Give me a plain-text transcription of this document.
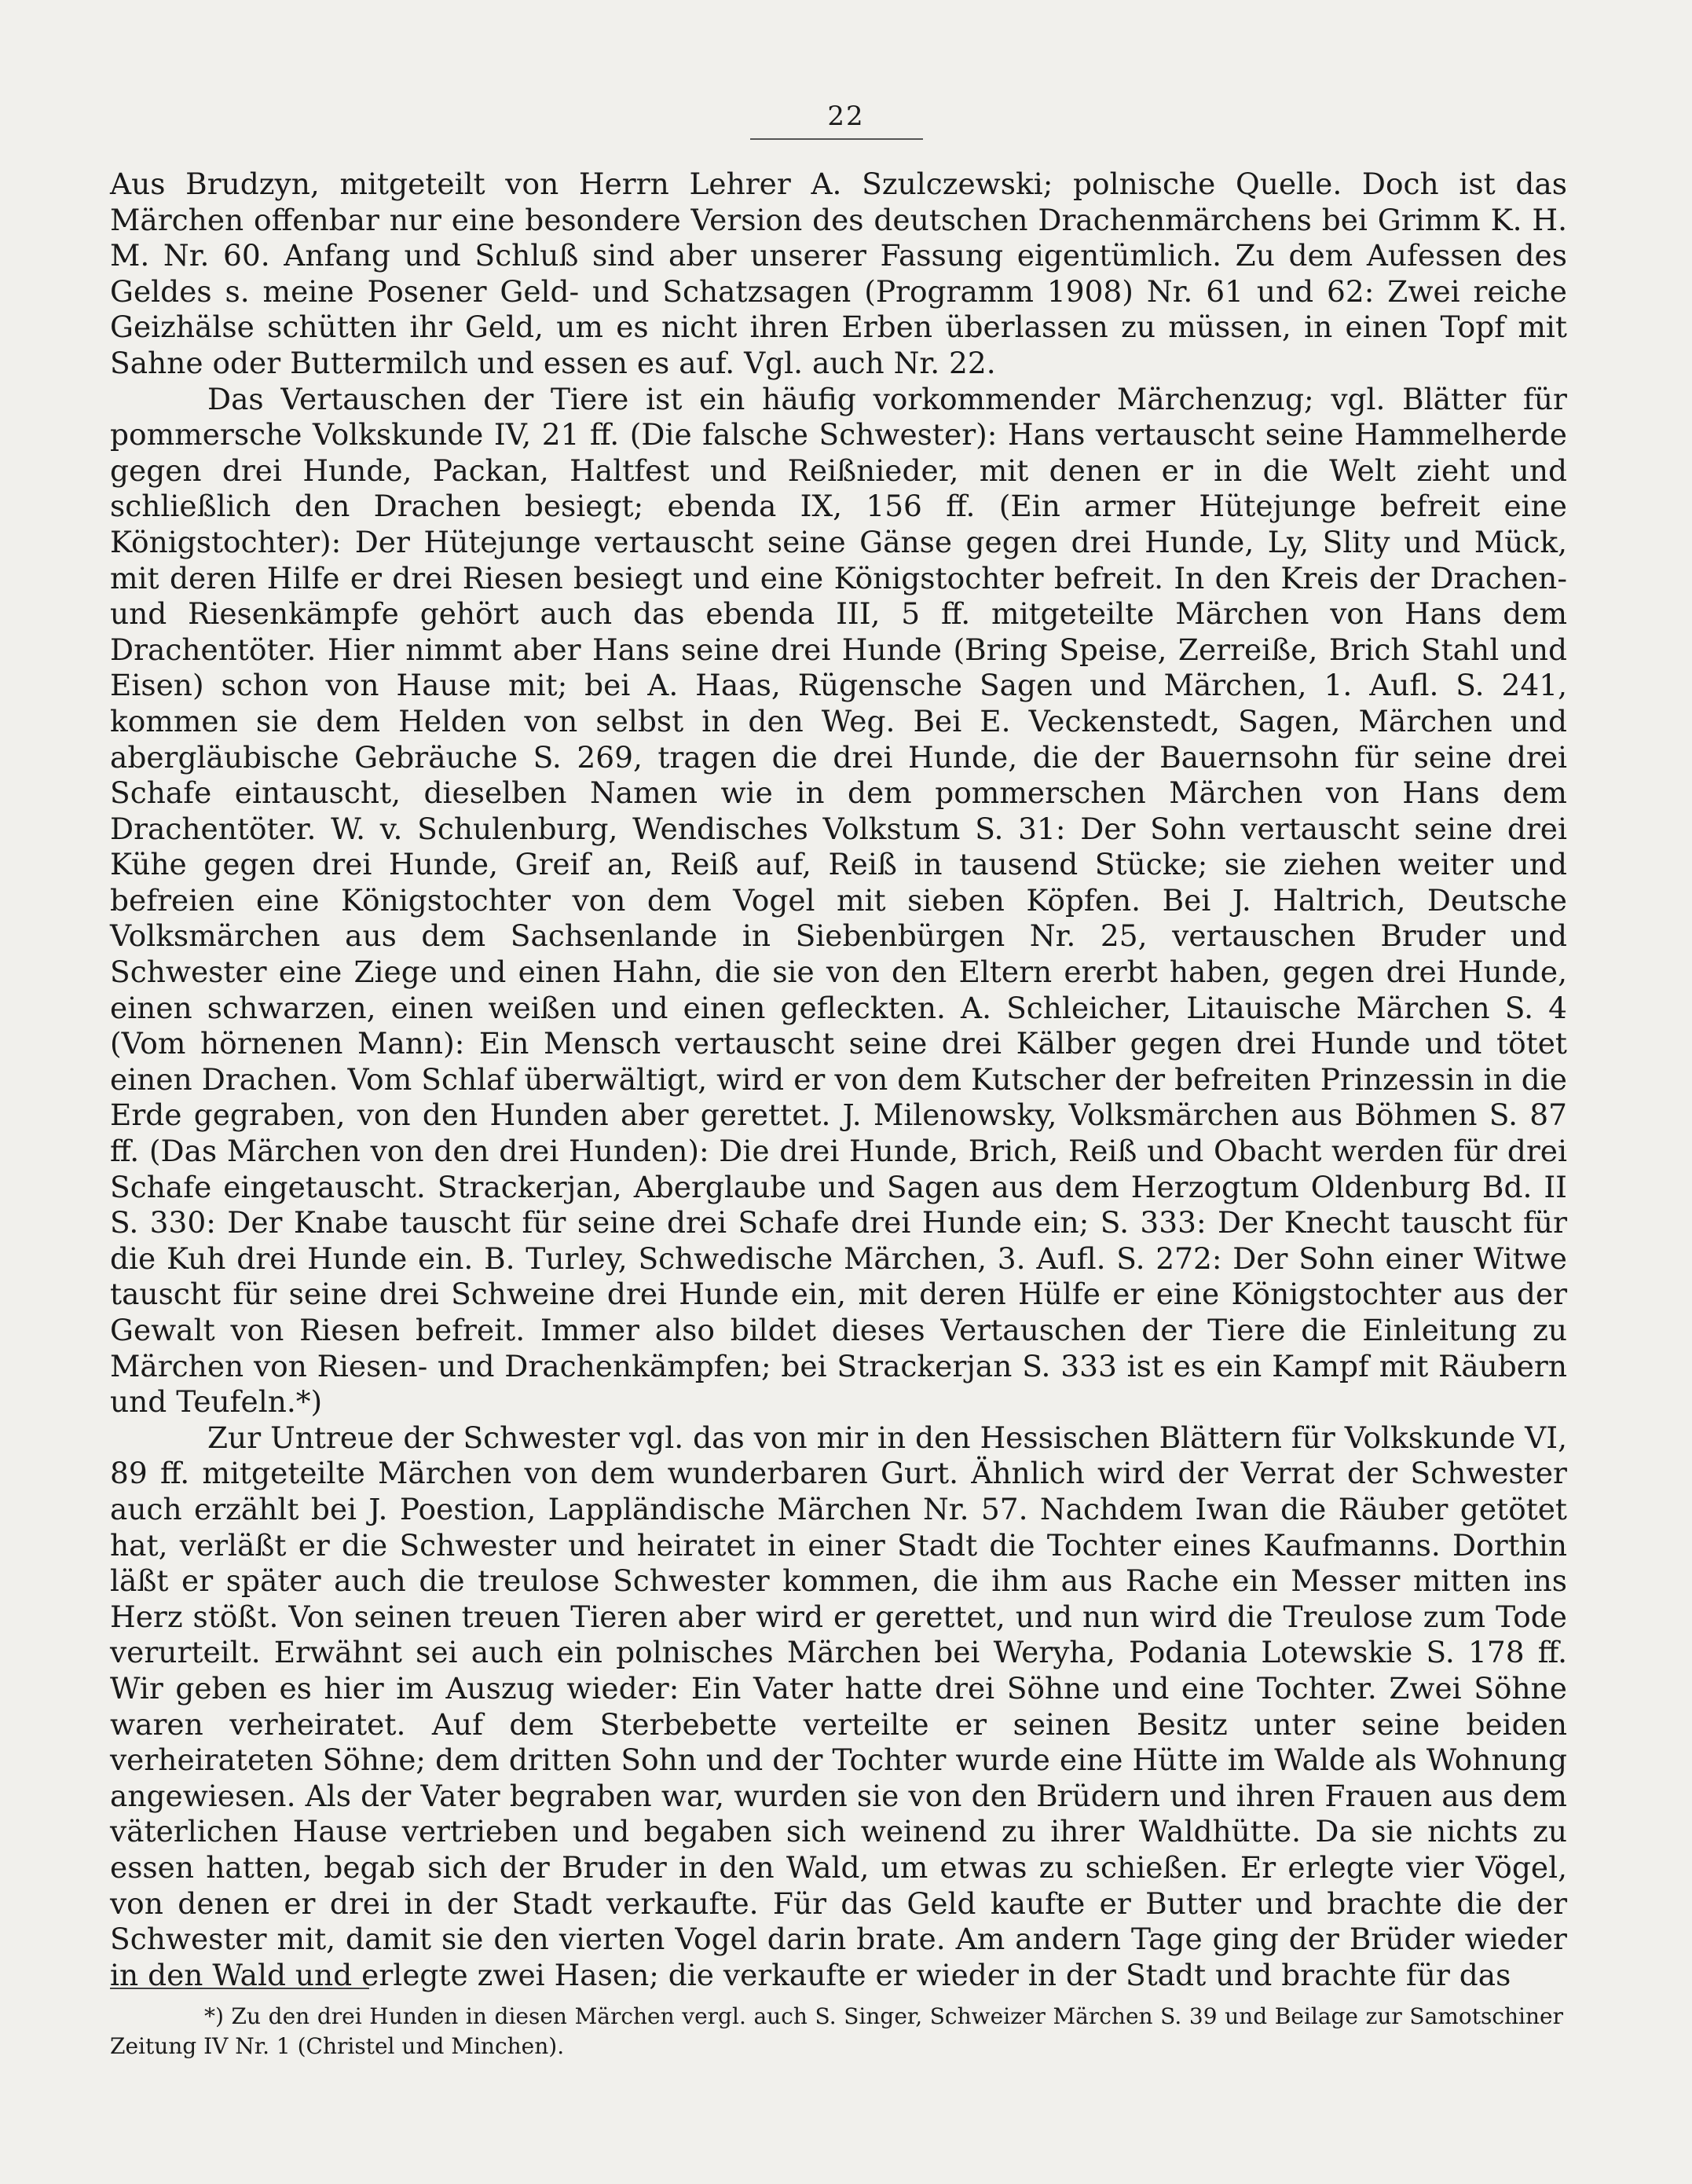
22

Aus Brudzyn, mitgeteilt von Herrn Lehrer A. Szulczewski; polnische Quelle. Doch ist das Märchen offenbar nur eine besondere Version des deutschen Drachenmärchens bei Grimm K. H. M. Nr. 60. Anfang und Schluß sind aber unserer Fassung eigentümlich. Zu dem Aufessen des Geldes s. meine Posener Geld- und Schatzsagen (Programm 1908) Nr. 61 und 62: Zwei reiche Geizhälse schütten ihr Geld, um es nicht ihren Erben überlassen zu müssen, in einen Topf mit Sahne oder Buttermilch und essen es auf. Vgl. auch Nr. 22.

Das Vertauschen der Tiere ist ein häufig vorkommender Märchenzug; vgl. Blätter für pommersche Volkskunde IV, 21 ff. (Die falsche Schwester): Hans vertauscht seine Hammelherde gegen drei Hunde, Packan, Haltfest und Reißnieder, mit denen er in die Welt zieht und schließlich den Drachen besiegt; ebenda IX, 156 ff. (Ein armer Hütejunge befreit eine Königstochter): Der Hütejunge vertauscht seine Gänse gegen drei Hunde, Ly, Slity und Mück, mit deren Hilfe er drei Riesen besiegt und eine Königstochter befreit. In den Kreis der Drachen- und Riesenkämpfe gehört auch das ebenda III, 5 ff. mitgeteilte Märchen von Hans dem Drachentöter. Hier nimmt aber Hans seine drei Hunde (Bring Speise, Zerreiße, Brich Stahl und Eisen) schon von Hause mit; bei A. Haas, Rügensche Sagen und Märchen, 1. Aufl. S. 241, kommen sie dem Helden von selbst in den Weg. Bei E. Veckenstedt, Sagen, Märchen und abergläubische Gebräuche S. 269, tragen die drei Hunde, die der Bauernsohn für seine drei Schafe eintauscht, dieselben Namen wie in dem pommerschen Märchen von Hans dem Drachentöter. W. v. Schulenburg, Wendisches Volkstum S. 31: Der Sohn vertauscht seine drei Kühe gegen drei Hunde, Greif an, Reiß auf, Reiß in tausend Stücke; sie ziehen weiter und befreien eine Königstochter von dem Vogel mit sieben Köpfen. Bei J. Haltrich, Deutsche Volksmärchen aus dem Sachsenlande in Siebenbürgen Nr. 25, vertauschen Bruder und Schwester eine Ziege und einen Hahn, die sie von den Eltern ererbt haben, gegen drei Hunde, einen schwarzen, einen weißen und einen gefleckten. A. Schleicher, Litauische Märchen S. 4 (Vom hörnenen Mann): Ein Mensch vertauscht seine drei Kälber gegen drei Hunde und tötet einen Drachen. Vom Schlaf überwältigt, wird er von dem Kutscher der befreiten Prinzessin in die Erde gegraben, von den Hunden aber gerettet. J. Milenowsky, Volksmärchen aus Böhmen S. 87 ff. (Das Märchen von den drei Hunden): Die drei Hunde, Brich, Reiß und Obacht werden für drei Schafe eingetauscht. Strackerjan, Aberglaube und Sagen aus dem Herzogtum Oldenburg Bd. II S. 330: Der Knabe tauscht für seine drei Schafe drei Hunde ein; S. 333: Der Knecht tauscht für die Kuh drei Hunde ein. B. Turley, Schwedische Märchen, 3. Aufl. S. 272: Der Sohn einer Witwe tauscht für seine drei Schweine drei Hunde ein, mit deren Hülfe er eine Königstochter aus der Gewalt von Riesen befreit. Immer also bildet dieses Vertauschen der Tiere die Einleitung zu Märchen von Riesen- und Drachenkämpfen; bei Strackerjan S. 333 ist es ein Kampf mit Räubern und Teufeln.*)

Zur Untreue der Schwester vgl. das von mir in den Hessischen Blättern für Volkskunde VI, 89 ff. mitgeteilte Märchen von dem wunderbaren Gurt. Ähnlich wird der Verrat der Schwester auch erzählt bei J. Poestion, Lappländische Märchen Nr. 57. Nachdem Iwan die Räuber getötet hat, verläßt er die Schwester und heiratet in einer Stadt die Tochter eines Kaufmanns. Dorthin läßt er später auch die treulose Schwester kommen, die ihm aus Rache ein Messer mitten ins Herz stößt. Von seinen treuen Tieren aber wird er gerettet, und nun wird die Treulose zum Tode verurteilt. Erwähnt sei auch ein polnisches Märchen bei Weryha, Podania Lotewskie S. 178 ff. Wir geben es hier im Auszug wieder: Ein Vater hatte drei Söhne und eine Tochter. Zwei Söhne waren verheiratet. Auf dem Sterbebette verteilte er seinen Besitz unter seine beiden verheirateten Söhne; dem dritten Sohn und der Tochter wurde eine Hütte im Walde als Wohnung angewiesen. Als der Vater begraben war, wurden sie von den Brüdern und ihren Frauen aus dem väterlichen Hause vertrieben und begaben sich weinend zu ihrer Waldhütte. Da sie nichts zu essen hatten, begab sich der Bruder in den Wald, um etwas zu schießen. Er erlegte vier Vögel, von denen er drei in der Stadt verkaufte. Für das Geld kaufte er Butter und brachte die der Schwester mit, damit sie den vierten Vogel darin brate. Am andern Tage ging der Brüder wieder in den Wald und erlegte zwei Hasen; die verkaufte er wieder in der Stadt und brachte für das

*) Zu den drei Hunden in diesen Märchen vergl. auch S. Singer, Schweizer Märchen S. 39 und Beilage zur Samotschiner Zeitung IV Nr. 1 (Christel und Minchen).
